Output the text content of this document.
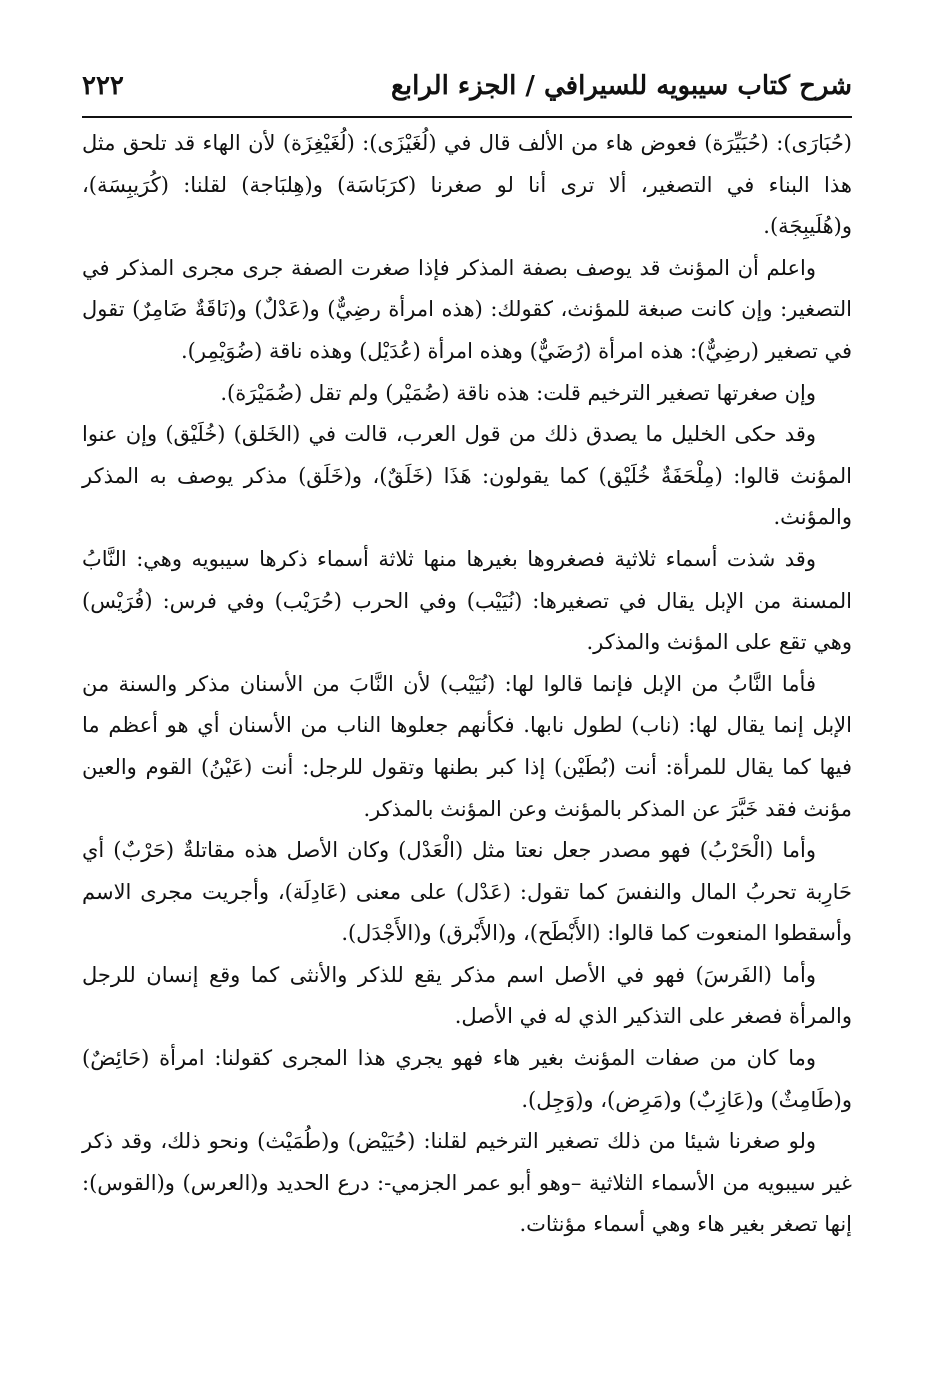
٢٢٢	شرح كتاب سيبويه للسيرافي / الجزء الرابع

(حُبَارَى): (حُبَيِّرَة) فعوض هاء من الألف قال في (لُغَيْزَى): (لُغَيْغِزَة) لأن الهاء قد تلحق مثل هذا البناء في التصغير، ألا ترى أنا لو صغرنا (كرَبَاسَة) و(هِلبَاجة) لقلنا: (كُرَيبِسَة)، و(هُلَيبِجَة).

واعلم أن المؤنث قد يوصف بصفة المذكر فإذا صغرت الصفة جرى مجرى المذكر في التصغير: وإن كانت صبغة للمؤنث، كقولك: (هذه امرأة رضِيٌّ) و(عَدْلٌ) و(نَاقَةٌ ضَامِرٌ) تقول في تصغير (رضِيٌّ): هذه امرأة (رُضَيٌّ) وهذه امرأة (عُدَيْل) وهذه ناقة (ضُوَيْمِر).

وإن صغرتها تصغير الترخيم قلت: هذه ناقة (ضُمَيْر) ولم تقل (ضُمَيْرَة).

وقد حكى الخليل ما يصدق ذلك من قول العرب، قالت في (الخَلق) (خُلَيْق) وإن عنوا المؤنث قالوا: (مِلْحَفَةٌ خُلَيْق) كما يقولون: هَذَا (خَلَقٌ)، و(خَلَق) مذكر يوصف به المذكر والمؤنث.

وقد شذت أسماء ثلاثية فصغروها بغيرها منها ثلاثة أسماء ذكرها سيبويه وهي: النَّابُ المسنة من الإبل يقال في تصغيرها: (نُيَيْب) وفي الحرب (حُرَيْب) وفي فرس: (فُرَيْس) وهي تقع على المؤنث والمذكر.

فأما النَّابُ من الإبل فإنما قالوا لها: (نُيَيْب) لأن النَّابَ من الأسنان مذكر والسنة من الإبل إنما يقال لها: (ناب) لطول نابها. فكأنهم جعلوها الناب من الأسنان أي هو أعظم ما فيها كما يقال للمرأة: أنت (بُطَيْن) إذا كبر بطنها وتقول للرجل: أنت (عَيْنُ) القوم والعين مؤنث فقد خَبَّرَ عن المذكر بالمؤنث وعن المؤنث بالمذكر.

وأما (الْحَرْبُ) فهو مصدر جعل نعتا مثل (الْعَدْل) وكان الأصل هذه مقاتلةٌ (حَرْبٌ) أي حَارِبة تحربُ المال والنفسَ كما تقول: (عَدْل) على معنى (عَادِلَة)، وأجريت مجرى الاسم وأسقطوا المنعوت كما قالوا: (الأَبْطَح)، و(الأَبْرق) و(الأَجْدَل).

وأما (الفَرسَ) فهو في الأصل اسم مذكر يقع للذكر والأنثى كما وقع إنسان للرجل والمرأة فصغر على التذكير الذي له في الأصل.

وما كان من صفات المؤنث بغير هاء فهو يجري هذا المجرى كقولنا: امرأة (حَائِضٌ) و(طَامِثٌ) و(عَازِبٌ) و(مَرِض)، و(وَجِل).

ولو صغرنا شيئا من ذلك تصغير الترخيم لقلنا: (حُيَيْض) و(طُمَيْث) ونحو ذلك، وقد ذكر غير سيبويه من الأسماء الثلاثية –وهو أبو عمر الجزمي-: درع الحديد و(العرس) و(القوس): إنها تصغر بغير هاء وهي أسماء مؤنثات.
